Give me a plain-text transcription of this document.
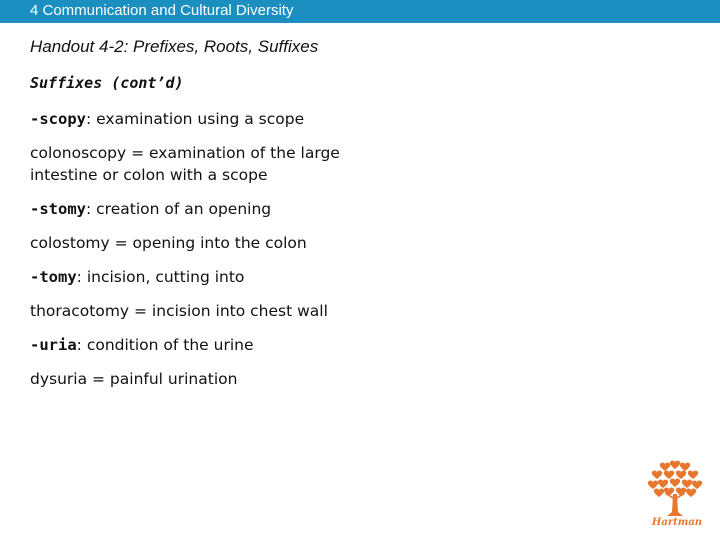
4 Communication and Cultural Diversity
Handout 4-2: Prefixes, Roots, Suffixes
Suffixes (cont’d)

-scopy: examination using a scope

colonoscopy = examination of the large intestine or colon with a scope

-stomy: creation of an opening

colostomy = opening into the colon

-tomy: incision, cutting into

thoracotomy = incision into chest wall

-uria: condition of the urine

dysuria = painful urination

Hartman
